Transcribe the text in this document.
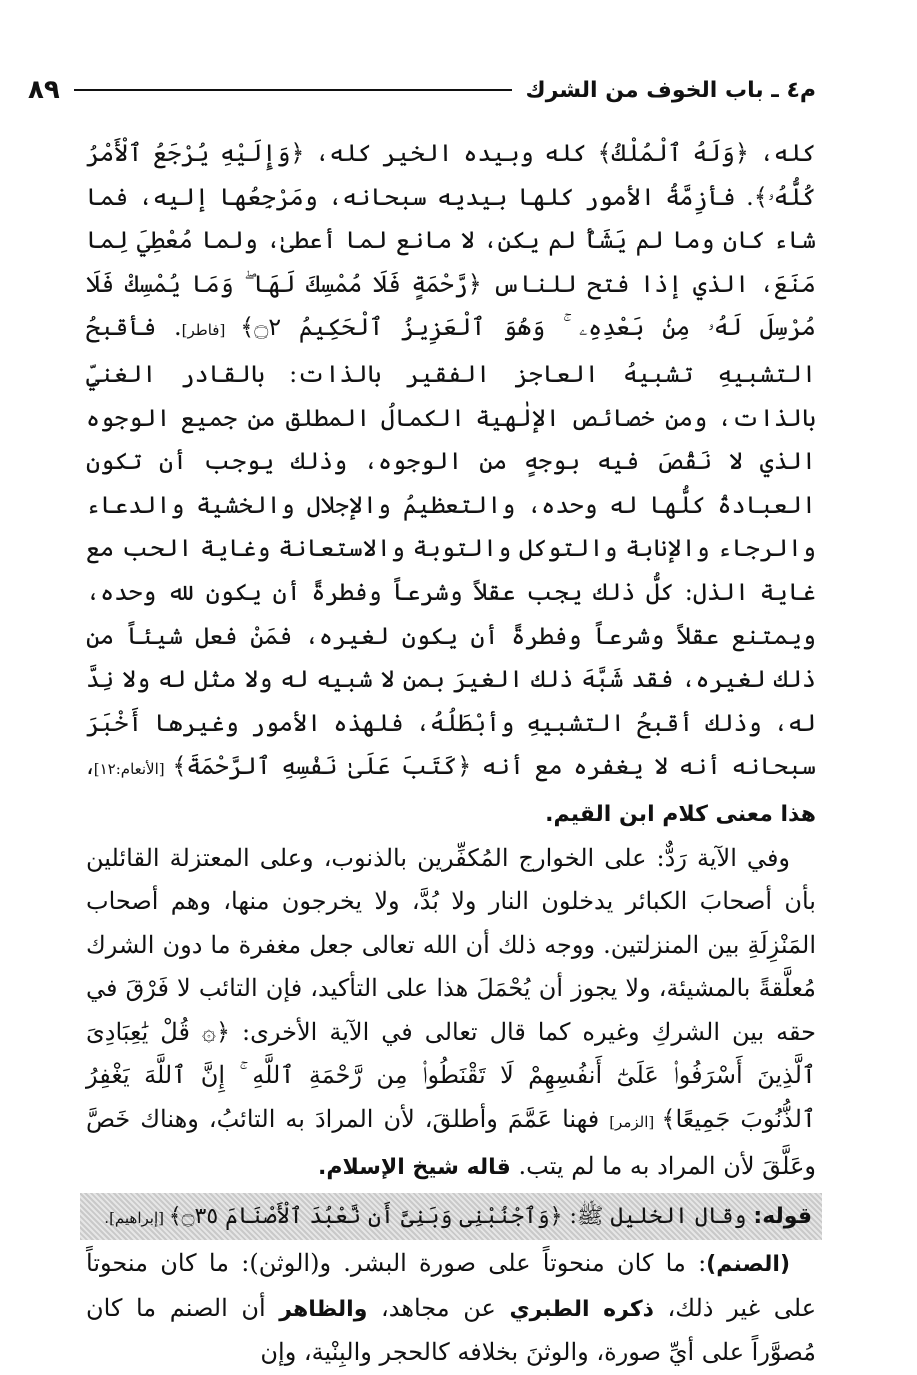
م٤ ـ باب الخوف من الشرك
٨٩

كله، ﴿وَلَهُ ٱلْمُلْكُ﴾ كله وبيده الخير كله، ﴿وَإِلَيْهِ يُرْجَعُ ٱلْأَمْرُ كُلُّهُۥ﴾. فأزِمَّةُ الأمور كلها بيديه سبحانه، ومَرْجِعُها إليه، فما شاء كان وما لم يَشَأْ لم يكن، لا مانع لما أعطىٰ، ولما مُعْطِيَ لِما مَنَعَ، الذي إذا فتح للناس ﴿رَّحْمَةٍ فَلَا مُمْسِكَ لَهَا ۖ وَمَا يُمْسِكْ فَلَا مُرْسِلَ لَهُۥ مِنۢ بَعْدِهِۦ ۚ وَهُوَ ٱلْعَزِيزُ ٱلْحَكِيمُ ۝٢﴾ [فاطر]. فأقبحُ التشبيهِ تشبيهُ العاجز الفقير بالذات: بالقادر الغنيِّ بالذات، ومن خصائص الإلٰهية الكمالُ المطلق من جميع الوجوه الذي لا نَقْصَ فيه بوجهٍ من الوجوه، وذلك يوجب أن تكون العبادةُ كلُّها له وحده، والتعظيمُ والإجلال والخشية والدعاء والرجاء والإنابة والتوكل والتوبة والاستعانة وغاية الحب مع غاية الذل: كلُّ ذلك يجب عقلاً وشرعاً وفطرةً أن يكون لله وحده، ويمتنع عقلاً وشرعاً وفطرةً أن يكون لغيره، فمَنْ فعل شيئاً من ذلك لغيره، فقد شَبَّهَ ذلك الغيرَ بمن لا شبيه له ولا مثل له ولا نِدَّ له، وذلك أقبحُ التشبيهِ وأبْطَلُهُ، فلهذه الأمور وغيرها أَخْبَرَ سبحانه أنه لا يغفره مع أنه ﴿كَتَبَ عَلَىٰ نَفْسِهِ ٱلرَّحْمَةَ﴾ [الأنعام:١٢]، هذا معنى كلام ابن القيم.

وفي الآية رَدٌّ: على الخوارج المُكفِّرين بالذنوب، وعلى المعتزلة القائلين بأن أصحابَ الكبائر يدخلون النار ولا بُدَّ، ولا يخرجون منها، وهم أصحاب المَنْزِلَةِ بين المنزلتين. ووجه ذلك أن الله تعالى جعل مغفرة ما دون الشرك مُعلَّقةً بالمشيئة، ولا يجوز أن يُحْمَلَ هذا على التأكيد، فإن التائب لا فَرْقَ في حقه بين الشركِ وغيره كما قال تعالى في الآية الأخرى: ﴿۞ قُلْ يَٰعِبَادِىَ ٱلَّذِينَ أَسْرَفُوا۟ عَلَىٰٓ أَنفُسِهِمْ لَا تَقْنَطُوا۟ مِن رَّحْمَةِ ٱللَّهِ ۚ إِنَّ ٱللَّهَ يَغْفِرُ ٱلذُّنُوبَ جَمِيعًا﴾ [الزمر] فهنا عَمَّمَ وأطلقَ، لأن المرادَ به التائبُ، وهناك خَصَّ وعَلَّقَ لأن المراد به ما لم يتب. قاله شيخ الإسلام.

قوله: وقال الخليل ﷺ: ﴿وَٱجْنُبْنِى وَبَنِىَّ أَن نَّعْبُدَ ٱلْأَصْنَامَ ۝٣٥﴾ [إبراهيم].

(الصنم): ما كان منحوتاً على صورة البشر. و(الوثن): ما كان منحوتاً على غير ذلك، ذكره الطبري عن مجاهد، والظاهر أن الصنم ما كان مُصوَّراً على أيِّ صورة، والوثنَ بخلافه كالحجر والبِنْية، وإن
